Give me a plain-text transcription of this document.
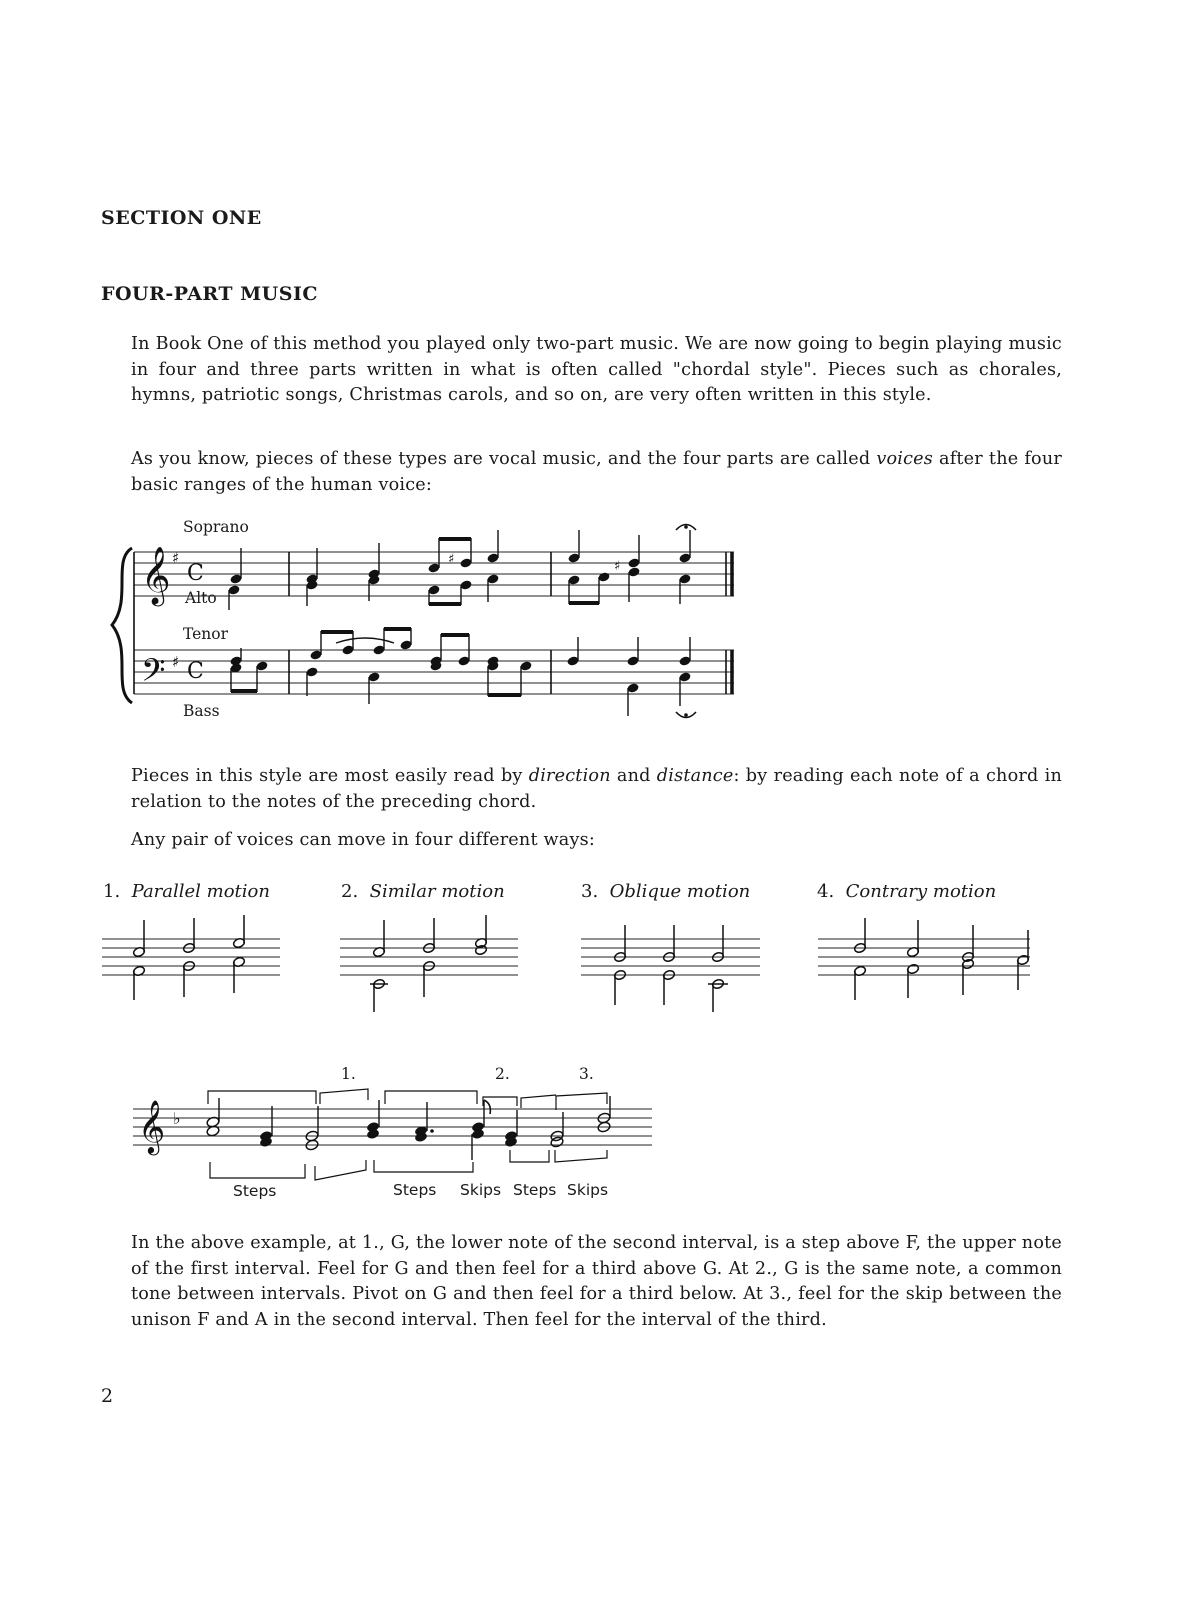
SECTION ONE
FOUR-PART MUSIC
In Book One of this method you played only two-part music. We are now going to begin playing music in four and three parts written in what is often called "chordal style". Pieces such as chorales, hymns, patriotic songs, Christmas carols, and so on, are very often written in this style.
As you know, pieces of these types are vocal music, and the four parts are called voices after the four basic ranges of the human voice:
Soprano
Alto
Tenor
Bass
𝄞
𝄢
♯
♯
C
C
♯	♯
Pieces in this style are most easily read by direction and distance: by reading each note of a chord in relation to the notes of the preceding chord.
Any pair of voices can move in four different ways:
1. Parallel motion	2. Similar motion	3. Oblique motion	4. Contrary motion
1.	2.	3.
𝄞 ♭
Steps	Steps Skips Steps Skips
In the above example, at 1., G, the lower note of the second interval, is a step above F, the upper note of the first interval. Feel for G and then feel for a third above G. At 2., G is the same note, a common tone between intervals. Pivot on G and then feel for a third below. At 3., feel for the skip between the unison F and A in the second interval. Then feel for the interval of the third.
2
